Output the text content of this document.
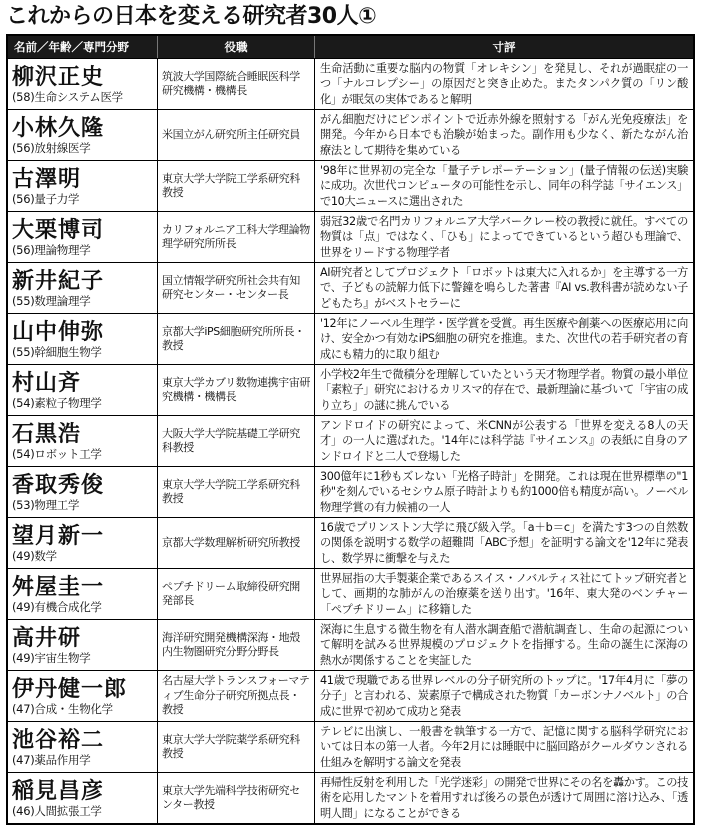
これからの日本を変える研究者30人①
名前／年齢／専門分野	役職	寸評
柳沢正史
(58)生命システム医学
筑波大学国際統合睡眠医科学研究機構・機構長
生命活動に重要な脳内の物質「オレキシン」を発見し、それが過眠症の一つ「ナルコレプシー」の原因だと突き止めた。またタンパク質の「リン酸化」が眠気の実体であると解明
小林久隆
(56)放射線医学
米国立がん研究所主任研究員
がん細胞だけにピンポイントで近赤外線を照射する「がん光免疫療法」を開発。今年から日本でも治験が始まった。副作用も少なく、新たながん治療法として期待を集めている
古澤明
(56)量子力学
東京大学大学院工学系研究科教授
'98年に世界初の完全な「量子テレポーテーション」(量子情報の伝送)実験に成功。次世代コンピュータの可能性を示し、同年の科学誌「サイエンス」で10大ニュースに選出された
大栗博司
(56)理論物理学
カリフォルニア工科大学理論物理学研究所所長
弱冠32歳で名門カリフォルニア大学バークレー校の教授に就任。すべての物質は「点」ではなく、「ひも」によってできているという超ひも理論で、世界をリードする物理学者
新井紀子
(55)数理論理学
国立情報学研究所社会共有知研究センター・センター長
AI研究者としてプロジェクト「ロボットは東大に入れるか」を主導する一方で、子どもの読解力低下に警鐘を鳴らした著書『AI vs.教科書が読めない子どもたち』がベストセラーに
山中伸弥
(55)幹細胞生物学
京都大学iPS細胞研究所所長・教授
'12年にノーベル生理学・医学賞を受賞。再生医療や創薬への医療応用に向け、安全かつ有効なiPS細胞の研究を推進。また、次世代の若手研究者の育成にも精力的に取り組む
村山斉
(54)素粒子物理学
東京大学カブリ数物連携宇宙研究機構・機構長
小学校2年生で微積分を理解していたという天才物理学者。物質の最小単位「素粒子」研究におけるカリスマ的存在で、最新理論に基づいて「宇宙の成り立ち」の謎に挑んでいる
石黒浩
(54)ロボット工学
大阪大学大学院基礎工学研究科教授
アンドロイドの研究によって、米CNNが公表する「世界を変える8人の天才」の一人に選ばれた。'14年には科学誌『サイエンス』の表紙に自身のアンドロイドと二人で登場した
香取秀俊
(53)物理工学
東京大学大学院工学系研究科教授
300億年に1秒もズレない「光格子時計」を開発。これは現在世界標準の"1秒"を刻んでいるセシウム原子時計よりも約1000倍も精度が高い。ノーベル物理学賞の有力候補の一人
望月新一
(49)数学
京都大学数理解析研究所教授
16歳でプリンストン大学に飛び級入学。「a＋b＝c」を満たす3つの自然数の関係を説明する数学の超難問「ABC予想」を証明する論文を'12年に発表し、数学界に衝撃を与えた
舛屋圭一
(49)有機合成化学
ペプチドリーム取締役研究開発部長
世界屈指の大手製薬企業であるスイス・ノバルティス社にてトップ研究者として、画期的な肺がんの治療薬を送り出す。'16年、東大発のベンチャー「ペプチドリーム」に移籍した
高井研
(49)宇宙生物学
海洋研究開発機構深海・地殻内生物圏研究分野分野長
深海に生息する微生物を有人潜水調査船で潜航調査し、生命の起源について解明を試みる世界規模のプロジェクトを指揮する。生命の誕生に深海の熱水が関係することを実証した
伊丹健一郎
(47)合成・生物化学
名古屋大学トランスフォーマティブ生命分子研究所拠点長・教授
41歳で現職である世界レベルの分子研究所のトップに。'17年4月に「夢の分子」と言われる、炭素原子で構成された物質「カーボンナノベルト」の合成に世界で初めて成功と発表
池谷裕二
(47)薬品作用学
東京大学大学院薬学系研究科教授
テレビに出演し、一般書を執筆する一方で、記憶に関する脳科学研究においては日本の第一人者。今年2月には睡眠中に脳回路がクールダウンされる仕組みを解明する論文を発表
稲見昌彦
(46)人間拡張工学
東京大学先端科学技術研究センター教授
再帰性反射を利用した「光学迷彩」の開発で世界にその名を轟かす。この技術を応用したマントを着用すれば後ろの景色が透けて周囲に溶け込み、「透明人間」になることができる
